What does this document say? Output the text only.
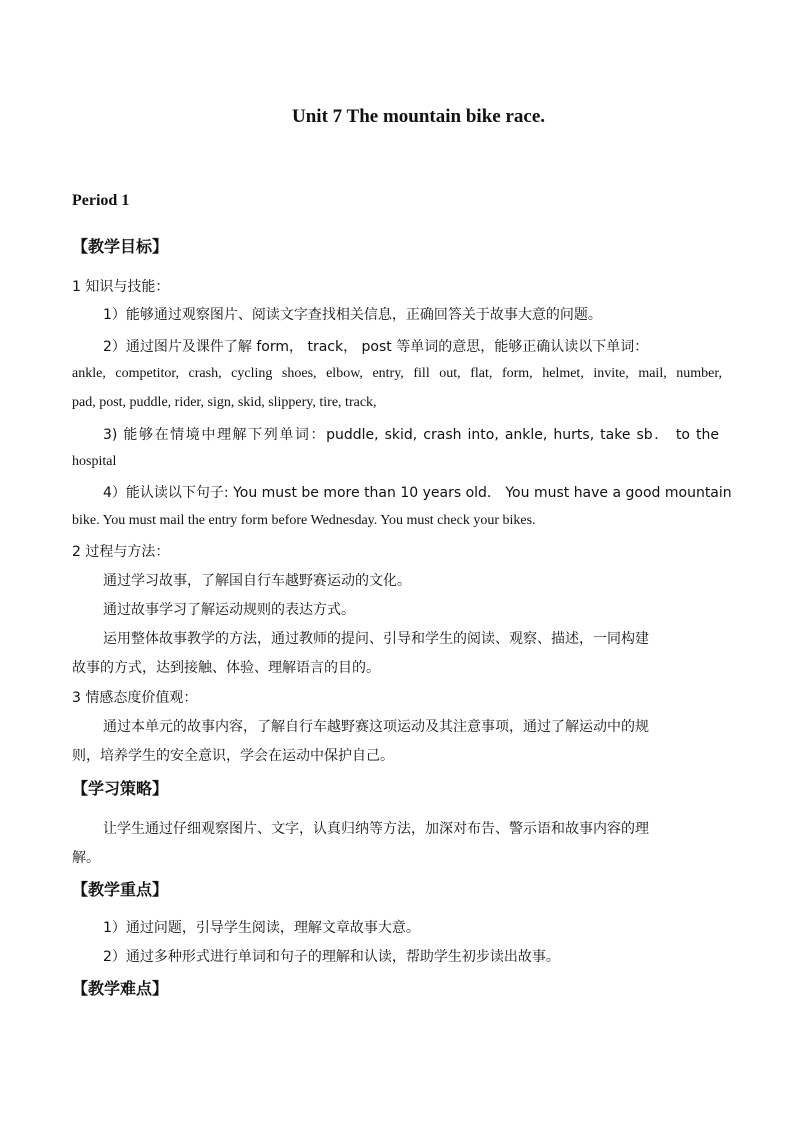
Unit 7 The mountain bike race.
Period 1
【教学目标】
1 知识与技能：
1）能够通过观察图片、阅读文字查找相关信息，正确回答关于故事大意的问题。
2）通过图片及课件了解 form， track， post 等单词的意思，能够正确认读以下单词：
ankle, competitor, crash, cycling shoes, elbow, entry, fill out, flat, form, helmet, invite, mail, number,
pad, post, puddle, rider, sign, skid, slippery, tire, track,
3) 能够在情境中理解下列单词：puddle, skid, crash into, ankle, hurts, take sb． to the
hospital
4）能认读以下句子: You must be more than 10 years old． You must have a good mountain
bike. You must mail the entry form before Wednesday. You must check your bikes.
2 过程与方法：
通过学习故事，了解国自行车越野赛运动的文化。
通过故事学习了解运动规则的表达方式。
运用整体故事教学的方法，通过教师的提问、引导和学生的阅读、观察、描述，一同构建
故事的方式，达到接触、体验、理解语言的目的。
3 情感态度价值观：
通过本单元的故事内容，了解自行车越野赛这项运动及其注意事项，通过了解运动中的规
则，培养学生的安全意识，学会在运动中保护自己。
【学习策略】
让学生通过仔细观察图片、文字，认真归纳等方法，加深对布告、警示语和故事内容的理
解。
【教学重点】
1）通过问题，引导学生阅读，理解文章故事大意。
2）通过多种形式进行单词和句子的理解和认读，帮助学生初步读出故事。
【教学难点】
